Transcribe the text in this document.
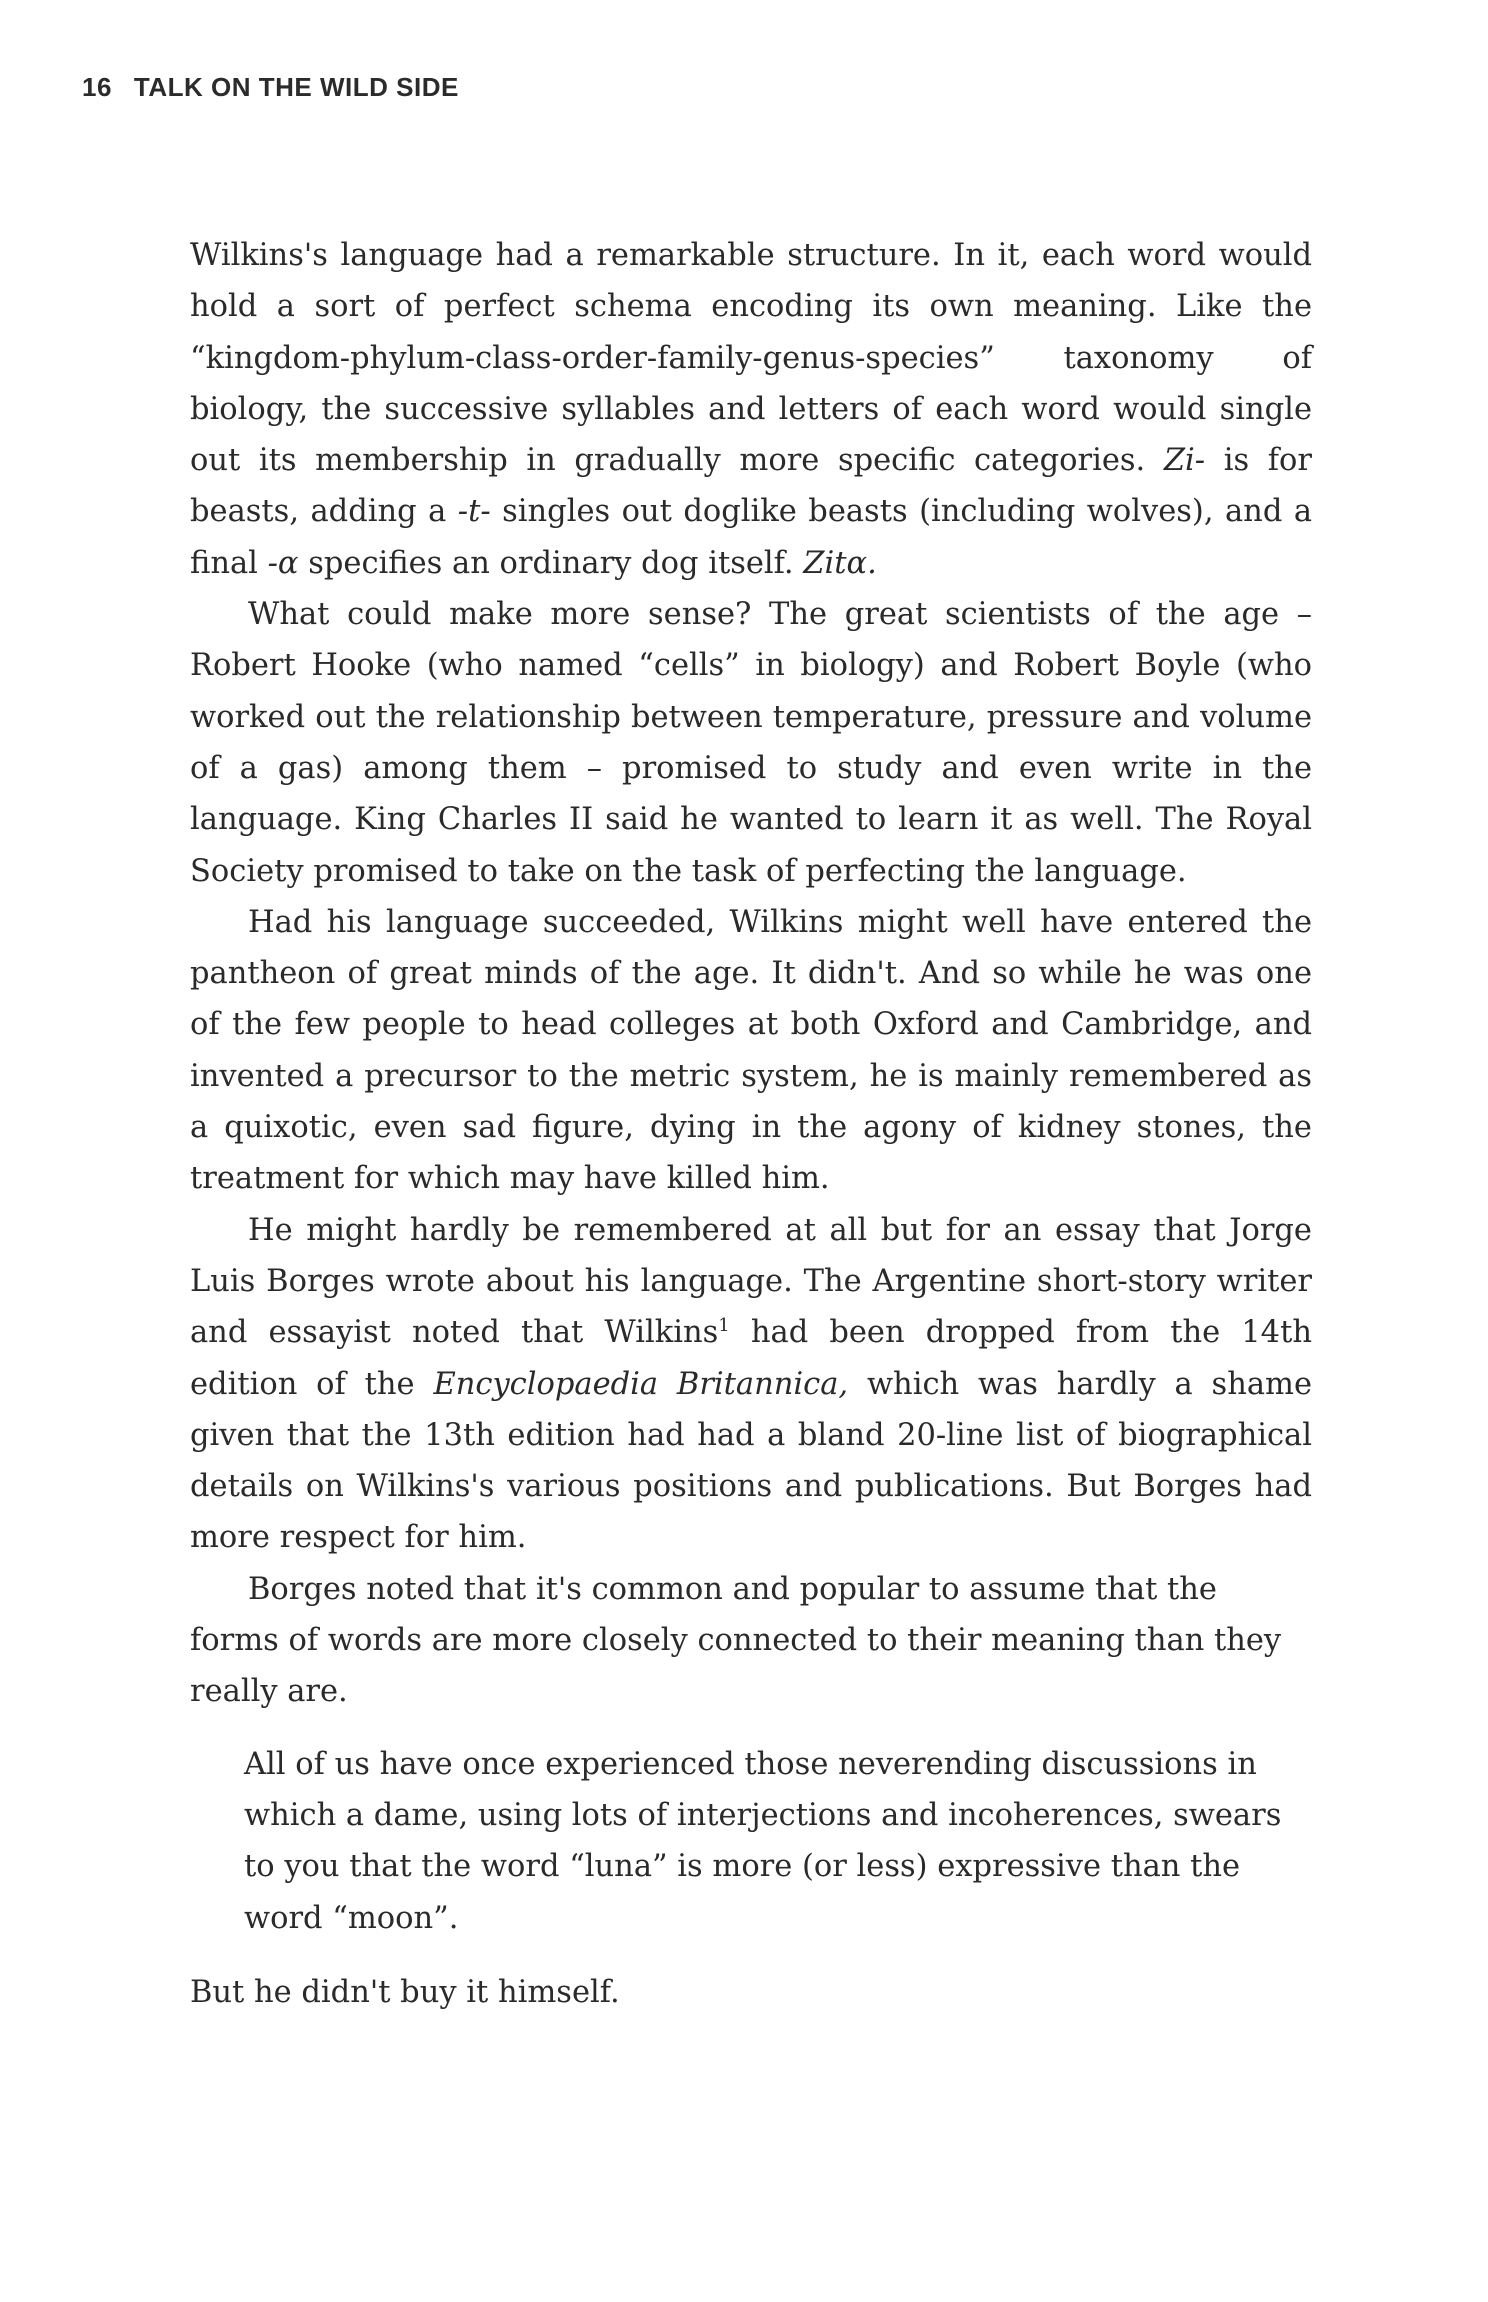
16 TALK ON THE WILD SIDE

Wilkins's language had a remarkable structure. In it, each word would hold a sort of perfect schema encoding its own meaning. Like the “kingdom-phylum-class-order-family-genus-species” taxonomy of biology, the successive syllables and letters of each word would single out its membership in gradually more specific categories. Zi- is for beasts, adding a -t- singles out doglike beasts (including wolves), and a final -α specifies an ordinary dog itself. Zitα.

What could make more sense? The great scientists of the age – Robert Hooke (who named “cells” in biology) and Robert Boyle (who worked out the relationship between temperature, pressure and volume of a gas) among them – promised to study and even write in the language. King Charles II said he wanted to learn it as well. The Royal Society promised to take on the task of perfecting the language.

Had his language succeeded, Wilkins might well have entered the pantheon of great minds of the age. It didn't. And so while he was one of the few people to head colleges at both Oxford and Cambridge, and invented a precursor to the metric system, he is mainly remembered as a quixotic, even sad figure, dying in the agony of kidney stones, the treatment for which may have killed him.

He might hardly be remembered at all but for an essay that Jorge Luis Borges wrote about his language. The Argentine short-story writer and essayist noted that Wilkins$^1$ had been dropped from the 14th edition of the Encyclopaedia Britannica, which was hardly a shame given that the 13th edition had had a bland 20-line list of biographical details on Wilkins's various positions and publications. But Borges had more respect for him.

Borges noted that it's common and popular to assume that the forms of words are more closely connected to their meaning than they really are.

All of us have once experienced those neverending discussions in which a dame, using lots of interjections and incoherences, swears to you that the word “luna” is more (or less) expressive than the word “moon”.

But he didn't buy it himself.
